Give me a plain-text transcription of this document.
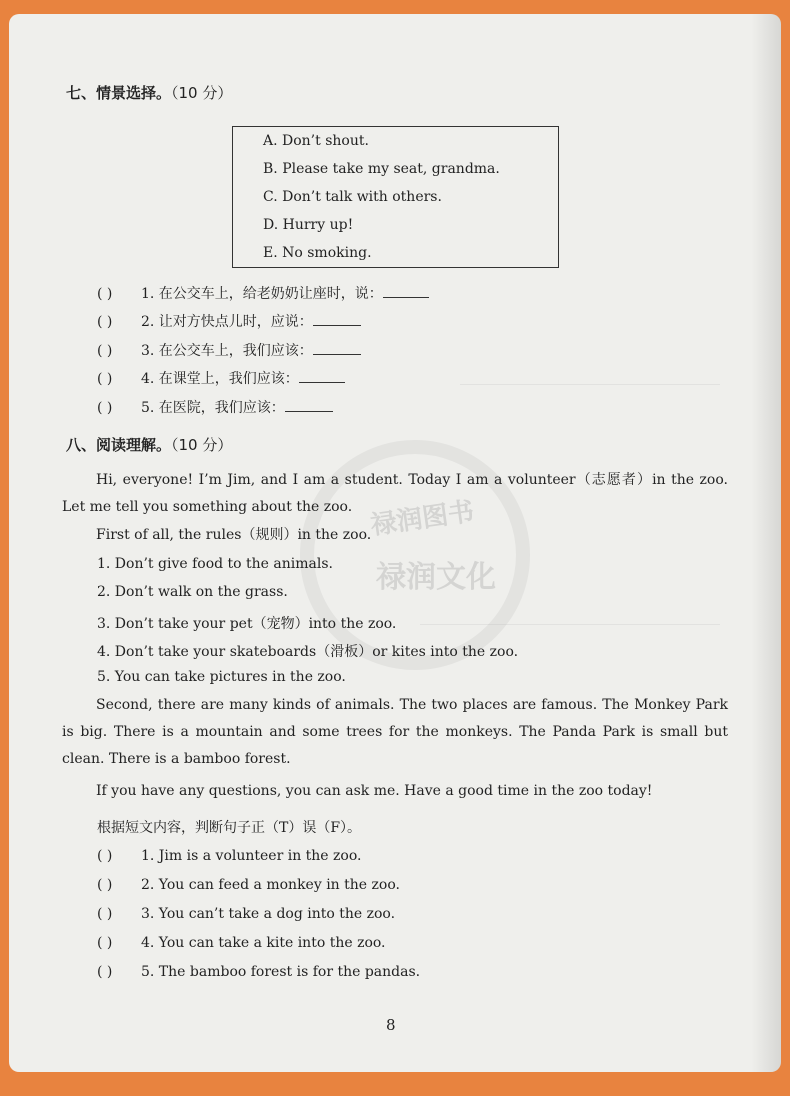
禄润图书
禄润文化
七、情景选择。（10 分）
A. Don’t shout.
B. Please take my seat, grandma.
C. Don’t talk with others.
D. Hurry up!
E. No smoking.
( ) 1. 在公交车上，给老奶奶让座时，说：
( ) 2. 让对方快点儿时，应说：
( ) 3. 在公交车上，我们应该：
( ) 4. 在课堂上，我们应该：
( ) 5. 在医院，我们应该：
八、阅读理解。（10 分）
Hi, everyone! I’m Jim, and I am a student. Today I am a volunteer（志愿者）in the zoo. Let me tell you something about the zoo.
First of all, the rules（规则）in the zoo.
1. Don’t give food to the animals.
2. Don’t walk on the grass.
3. Don’t take your pet（宠物）into the zoo.
4. Don’t take your skateboards（滑板）or kites into the zoo.
5. You can take pictures in the zoo.
Second, there are many kinds of animals. The two places are famous. The Monkey Park is big. There is a mountain and some trees for the monkeys. The Panda Park is small but clean. There is a bamboo forest.
If you have any questions, you can ask me. Have a good time in the zoo today!
根据短文内容，判断句子正（T）误（F）。
( ) 1. Jim is a volunteer in the zoo.
( ) 2. You can feed a monkey in the zoo.
( ) 3. You can’t take a dog into the zoo.
( ) 4. You can take a kite into the zoo.
( ) 5. The bamboo forest is for the pandas.
8
